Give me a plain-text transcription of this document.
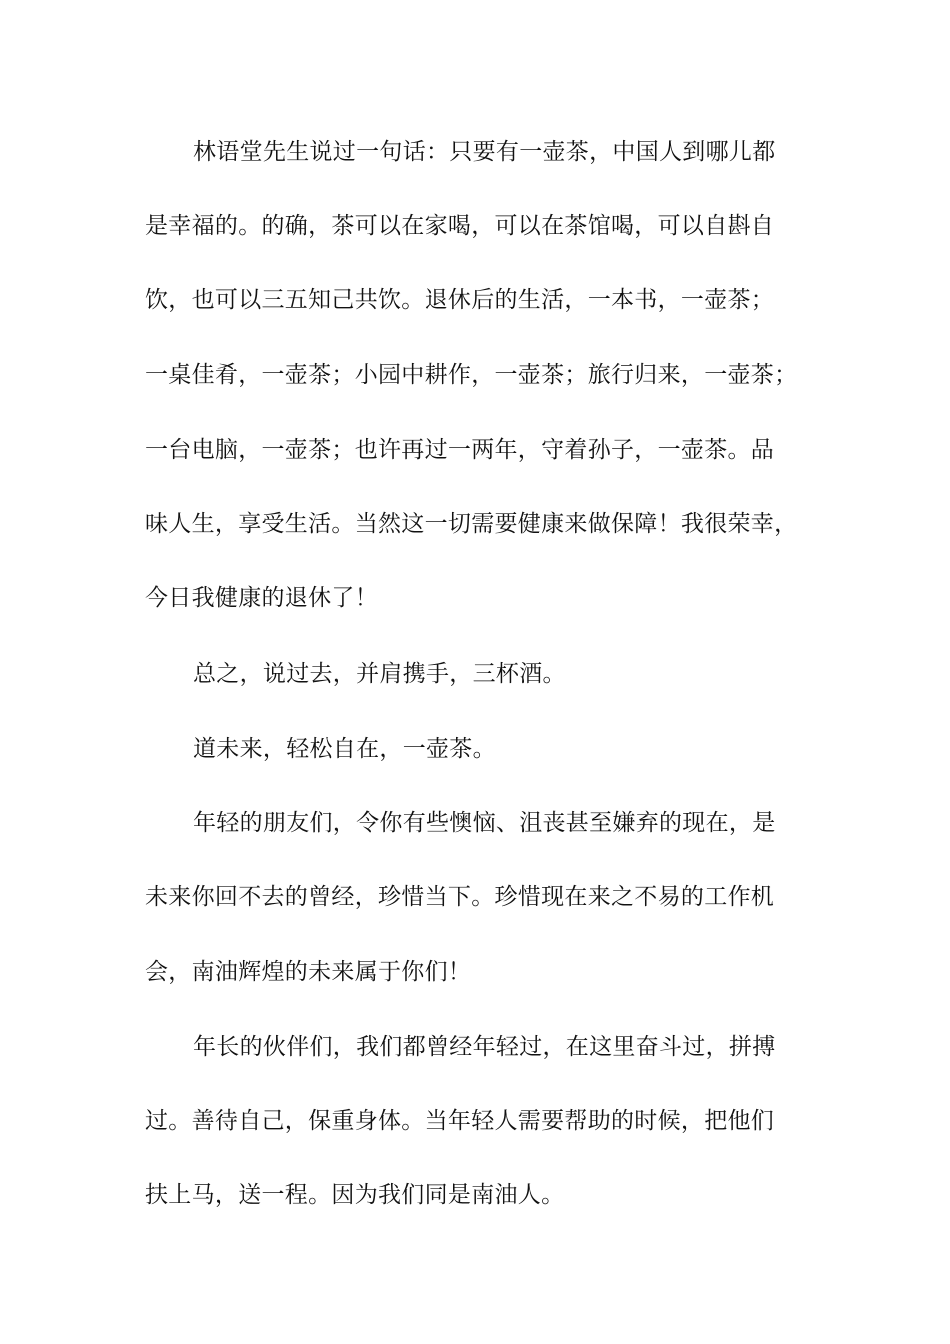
林语堂先生说过一句话：只要有一壶茶，中国人到哪儿都
是幸福的。的确，茶可以在家喝，可以在茶馆喝，可以自斟自
饮，也可以三五知己共饮。退休后的生活，一本书，一壶茶；
一桌佳肴，一壶茶；小园中耕作，一壶茶；旅行归来，一壶茶；
一台电脑，一壶茶；也许再过一两年，守着孙子，一壶茶。品
味人生，享受生活。当然这一切需要健康来做保障！我很荣幸，
今日我健康的退休了！
总之，说过去，并肩携手，三杯酒。
道未来，轻松自在，一壶茶。
年轻的朋友们，令你有些懊恼、沮丧甚至嫌弃的现在，是
未来你回不去的曾经，珍惜当下。珍惜现在来之不易的工作机
会，南油辉煌的未来属于你们！
年长的伙伴们，我们都曾经年轻过，在这里奋斗过，拼搏
过。善待自己，保重身体。当年轻人需要帮助的时候，把他们
扶上马，送一程。因为我们同是南油人。
